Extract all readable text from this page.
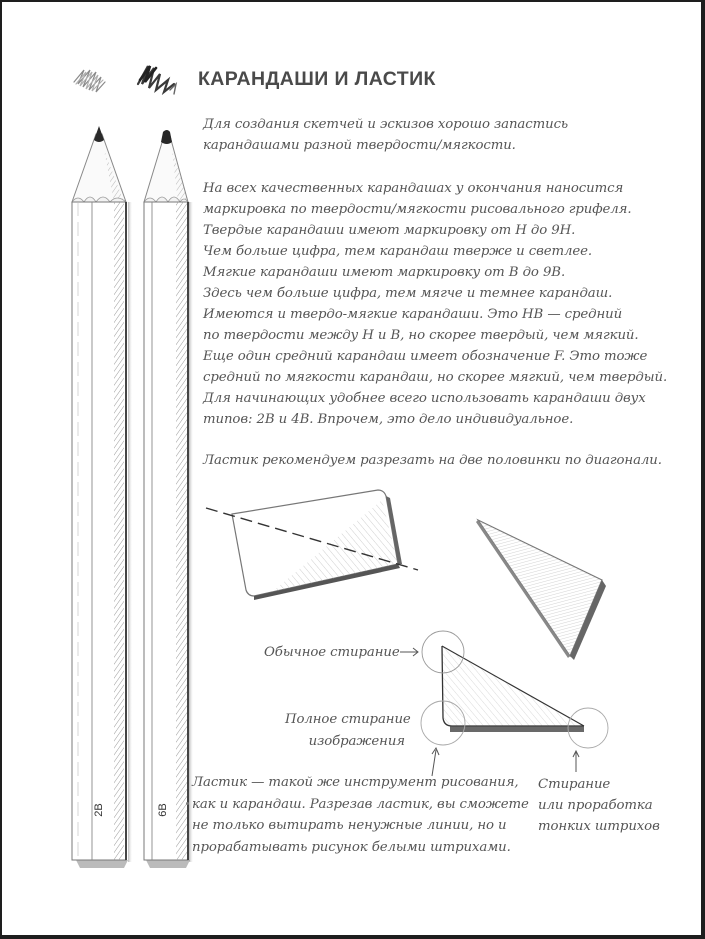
КАРАНДАШИ И ЛАСТИК

Для создания скетчей и эскизов хорошо запастись
карандашами разной твердости/мягкости.

На всех качественных карандашах у окончания наносится
маркировка по твердости/мягкости рисовального грифеля.
Твердые карандаши имеют маркировку от Н до 9Н.
Чем больше цифра, тем карандаш тверже и светлее.
Мягкие карандаши имеют маркировку от В до 9В.
Здесь чем больше цифра, тем мягче и темнее карандаш.
Имеются и твердо-мягкие карандаши. Это НВ — средний
по твердости между Н и В, но скорее твердый, чем мягкий.
Еще один средний карандаш имеет обозначение F. Это тоже
средний по мягкости карандаш, но скорее мягкий, чем твердый.
Для начинающих удобнее всего использовать карандаши двух
типов: 2В и 4В. Впрочем, это дело индивидуальное.

Ластик рекомендуем разрезать на две половинки по диагонали.

2B	6B

Обычное стирание

Полное стирание
изображения

Стирание
или проработка
тонких штрихов

Ластик — такой же инструмент рисования,
как и карандаш. Разрезав ластик, вы сможете
не только вытирать ненужные линии, но и
прорабатывать рисунок белыми штрихами.
